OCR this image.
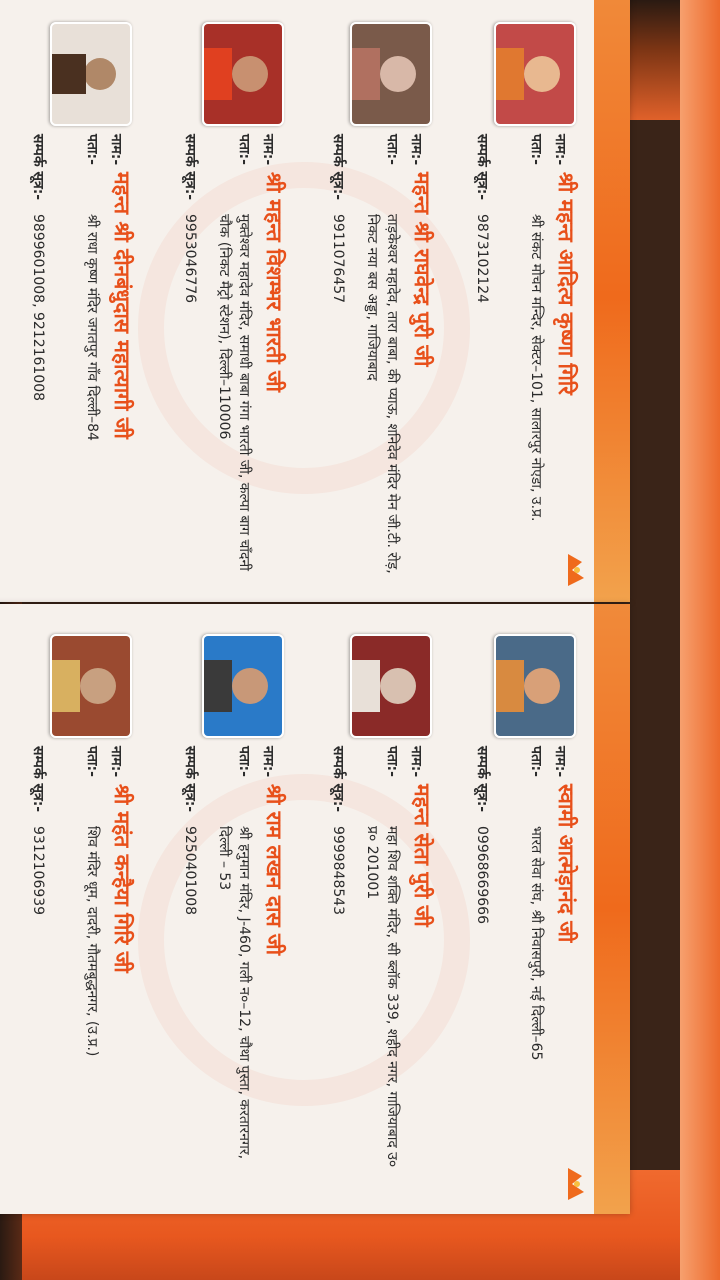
श्री महन्त आदित्य कृष्णा गिरि
नाम:-
पता:-श्री संकट मोचन मन्दिर, सेक्टर–101, सालारपुर नोएडा, उ.प्र.
सम्पर्क सूत्र:-9873102124
महन्त श्री राघवेन्द्र पुरी जी
नाम:-
पता:-ताड़केश्वर महादेव, तारा बाबा, की प्याऊ, शनिदेव मंदिर मेन जी.टी. रोड़, निकट नया बस अड्डा, गाजियाबाद
सम्पर्क सूत्र:-9911076457
श्री महन्त विशम्भर भारती जी
नाम:-
पता:-मुक्तेश्वर महादेव मंदिर, समाधी बाबा गंगा भारती जी, कल्पा बाग चाँदनी चौक (निकट मैट्रो स्टेशन), दिल्ली–110006
सम्पर्क सूत्र:-9953046776
महन्त श्री दीनबंधुदास महात्यागी जी
नाम:-
पता:-श्री राधा कृष्ण मंदिर जगतपुर गाँव दिल्ली–84
सम्पर्क सूत्र:-9899601008, 9212161008
स्वामी आत्मेड़ानंद जी
नाम:-
पता:-भारत सेवा संघ, श्री निवासपुरी, नई दिल्ली–65
सम्पर्क सूत्र:-09968669666
महन्त सेता पुरी जी
नाम:-
पता:-महा शिव शक्ति मंदिर, सी ब्लॉक 339, शहीद नगर, गाजियाबाद उ० प्र० 201001
सम्पर्क सूत्र:-9999848543
श्री राम लखन दास जी
नाम:-
पता:-श्री हनुमान मंदिर, J-460, गली न०–12, चौथा पुस्ता, करतारनगर, दिल्ली – 53
सम्पर्क सूत्र:-9250401008
श्री महंत कन्हैया गिरि जी
नाम:-
पता:-शिव मंदिर धूम, दादरी, गौतमबुद्धनगर, (उ.प्र.)
सम्पर्क सूत्र:-9312106939
